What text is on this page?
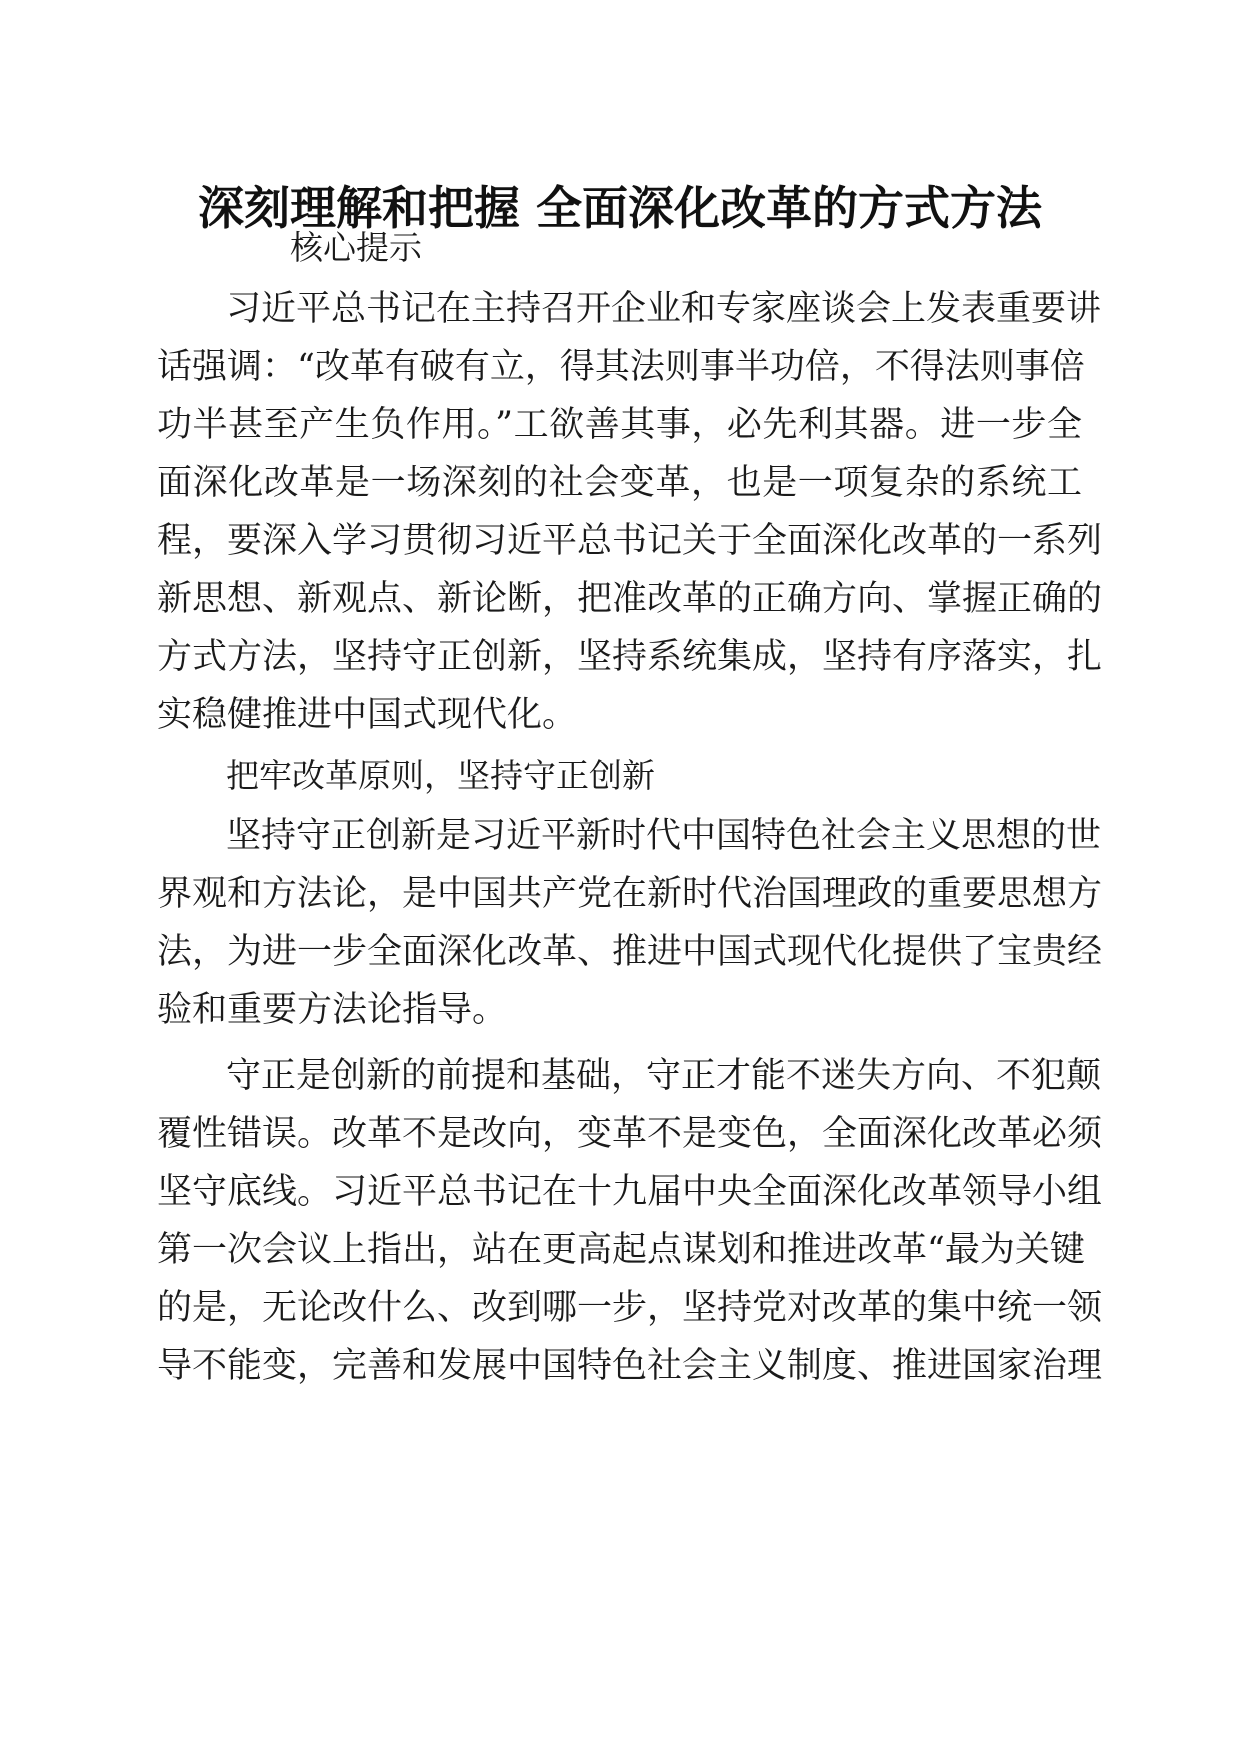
深刻理解和把握 全面深化改革的方式方法
核心提示
习近平总书记在主持召开企业和专家座谈会上发表重要讲
话强调：“改革有破有立，得其法则事半功倍，不得法则事倍
功半甚至产生负作用。”工欲善其事，必先利其器。进一步全
面深化改革是一场深刻的社会变革，也是一项复杂的系统工
程，要深入学习贯彻习近平总书记关于全面深化改革的一系列
新思想、新观点、新论断，把准改革的正确方向、掌握正确的
方式方法，坚持守正创新，坚持系统集成，坚持有序落实，扎
实稳健推进中国式现代化。
把牢改革原则，坚持守正创新
坚持守正创新是习近平新时代中国特色社会主义思想的世
界观和方法论，是中国共产党在新时代治国理政的重要思想方
法，为进一步全面深化改革、推进中国式现代化提供了宝贵经
验和重要方法论指导。
守正是创新的前提和基础，守正才能不迷失方向、不犯颠
覆性错误。改革不是改向，变革不是变色，全面深化改革必须
坚守底线。习近平总书记在十九届中央全面深化改革领导小组
第一次会议上指出，站在更高起点谋划和推进改革“最为关键
的是，无论改什么、改到哪一步，坚持党对改革的集中统一领
导不能变，完善和发展中国特色社会主义制度、推进国家治理
